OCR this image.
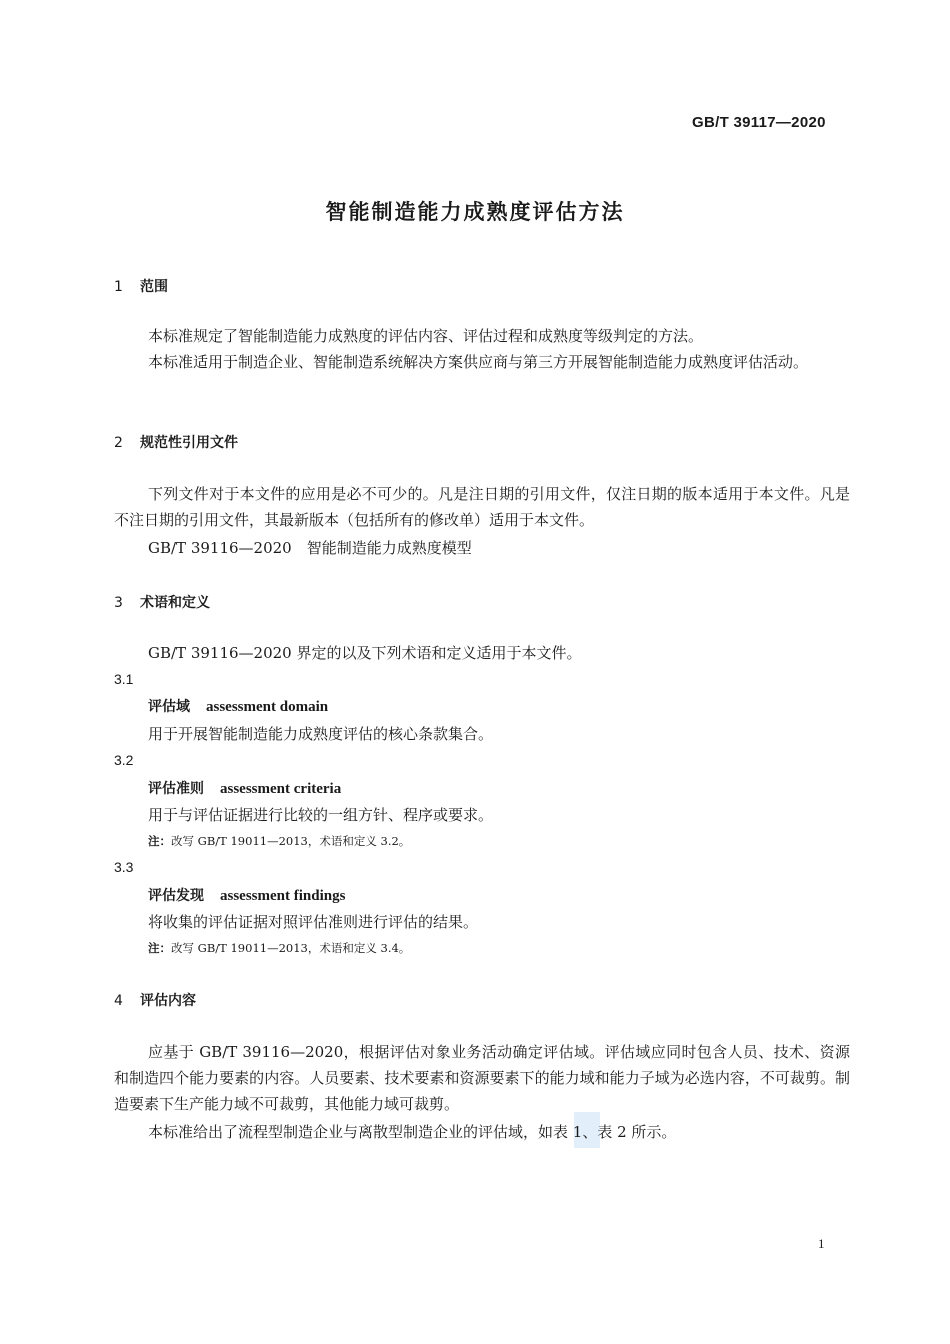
GB/T 39117—2020
智能制造能力成熟度评估方法
1 范围
本标准规定了智能制造能力成熟度的评估内容、评估过程和成熟度等级判定的方法。
本标准适用于制造企业、智能制造系统解决方案供应商与第三方开展智能制造能力成熟度评估活动。
2 规范性引用文件
下列文件对于本文件的应用是必不可少的。凡是注日期的引用文件，仅注日期的版本适用于本文件。凡是不注日期的引用文件，其最新版本（包括所有的修改单）适用于本文件。
GB/T 39116—2020　智能制造能力成熟度模型
3 术语和定义
GB/T 39116—2020 界定的以及下列术语和定义适用于本文件。
3.1
评估域 assessment domain
用于开展智能制造能力成熟度评估的核心条款集合。
3.2
评估准则 assessment criteria
用于与评估证据进行比较的一组方针、程序或要求。
注：改写 GB/T 19011—2013，术语和定义 3.2。
3.3
评估发现 assessment findings
将收集的评估证据对照评估准则进行评估的结果。
注：改写 GB/T 19011—2013，术语和定义 3.4。
4 评估内容
应基于 GB/T 39116—2020，根据评估对象业务活动确定评估域。评估域应同时包含人员、技术、资源和制造四个能力要素的内容。人员要素、技术要素和资源要素下的能力域和能力子域为必选内容，不可裁剪。制造要素下生产能力域不可裁剪，其他能力域可裁剪。
本标准给出了流程型制造企业与离散型制造企业的评估域，如表 1、表 2 所示。
1
